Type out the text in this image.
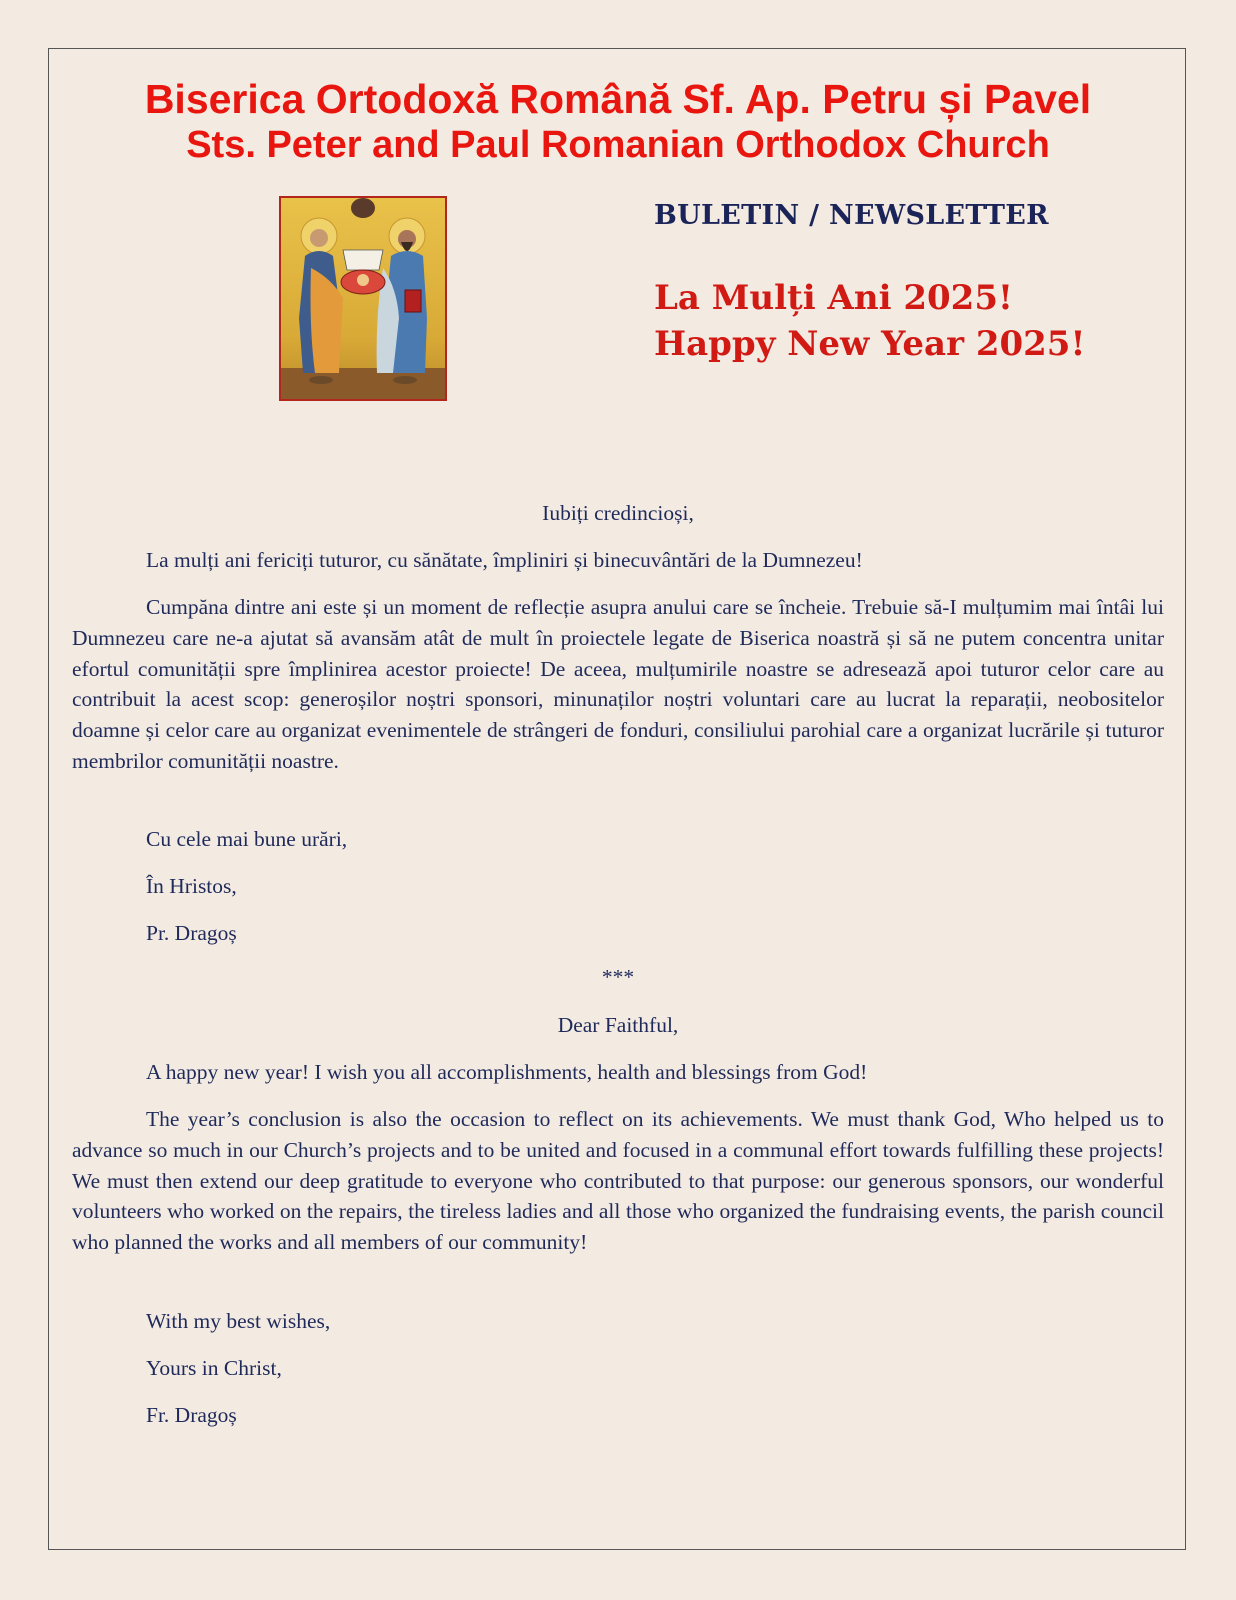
Biserica Ortodoxă Română Sf. Ap. Petru și Pavel
Sts. Peter and Paul Romanian Orthodox Church
BULETIN / NEWSLETTER
La Mulți Ani 2025!
Happy New Year 2025!

Iubiți credincioși,

La mulți ani fericiți tuturor, cu sănătate, împliniri și binecuvântări de la Dumnezeu!

Cumpăna dintre ani este și un moment de reflecție asupra anului care se încheie. Trebuie să-I mulțumim mai întâi lui Dumnezeu care ne-a ajutat să avansăm atât de mult în proiectele legate de Biserica noastră și să ne putem concentra unitar efortul comunității spre împlinirea acestor proiecte! De aceea, mulțumirile noastre se adresează apoi tuturor celor care au contribuit la acest scop: generoșilor noștri sponsori, minunaților noștri voluntari care au lucrat la reparații, neobositelor doamne și celor care au organizat evenimentele de strângeri de fonduri, consiliului parohial care a organizat lucrările și tuturor membrilor comunității noastre.

Cu cele mai bune urări,

În Hristos,

Pr. Dragoș

***

Dear Faithful,

A happy new year! I wish you all accomplishments, health and blessings from God!

The year’s conclusion is also the occasion to reflect on its achievements. We must thank God, Who helped us to advance so much in our Church’s projects and to be united and focused in a communal effort towards fulfilling these projects! We must then extend our deep gratitude to everyone who contributed to that purpose: our generous sponsors, our wonderful volunteers who worked on the repairs, the tireless ladies and all those who organized the fundraising events, the parish council who planned the works and all members of our community!

With my best wishes,

Yours in Christ,

Fr. Dragoș
